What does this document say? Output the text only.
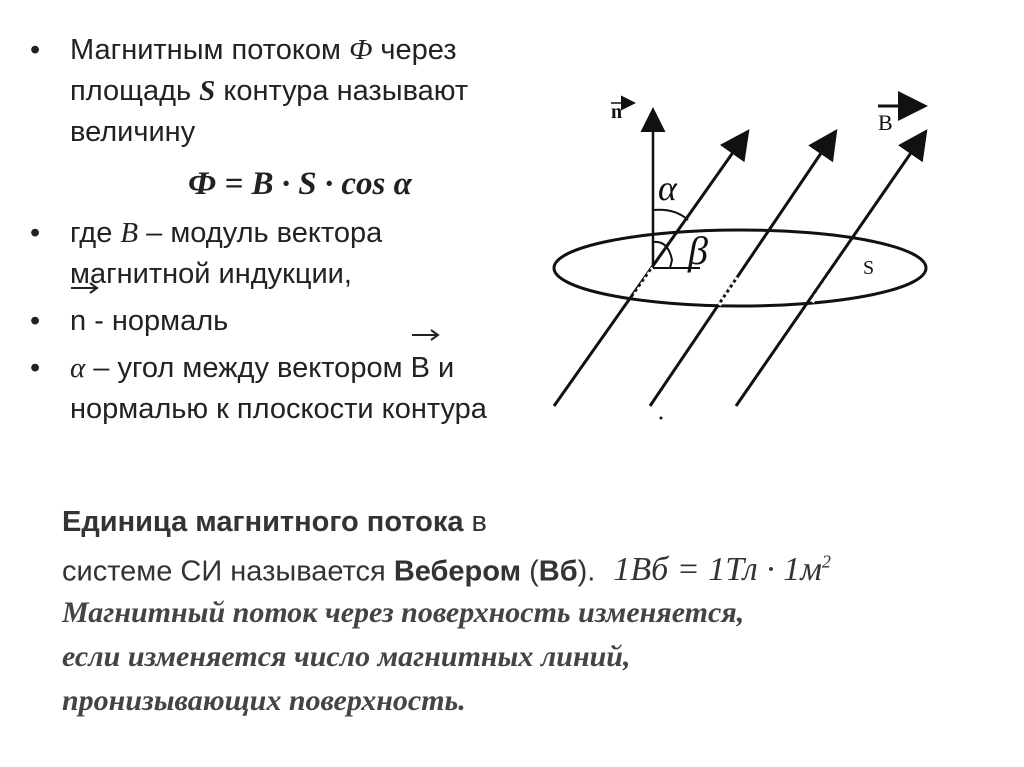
• Магнитным потоком Ф через площадь S контура называют величину
Ф = B · S · cos α
• где B – модуль вектора магнитной индукции,
• n - нормаль
• α – угол между вектором
B и нормалью к плоскости контура
n	B
α
β	S
Единица магнитного потока в
системе СИ называется Вебером (Вб). $1Вб = 1Тл \cdot 1м^2$
Магнитный поток через поверхность изменяется,
если изменяется число магнитных линий,
пронизывающих поверхность.
